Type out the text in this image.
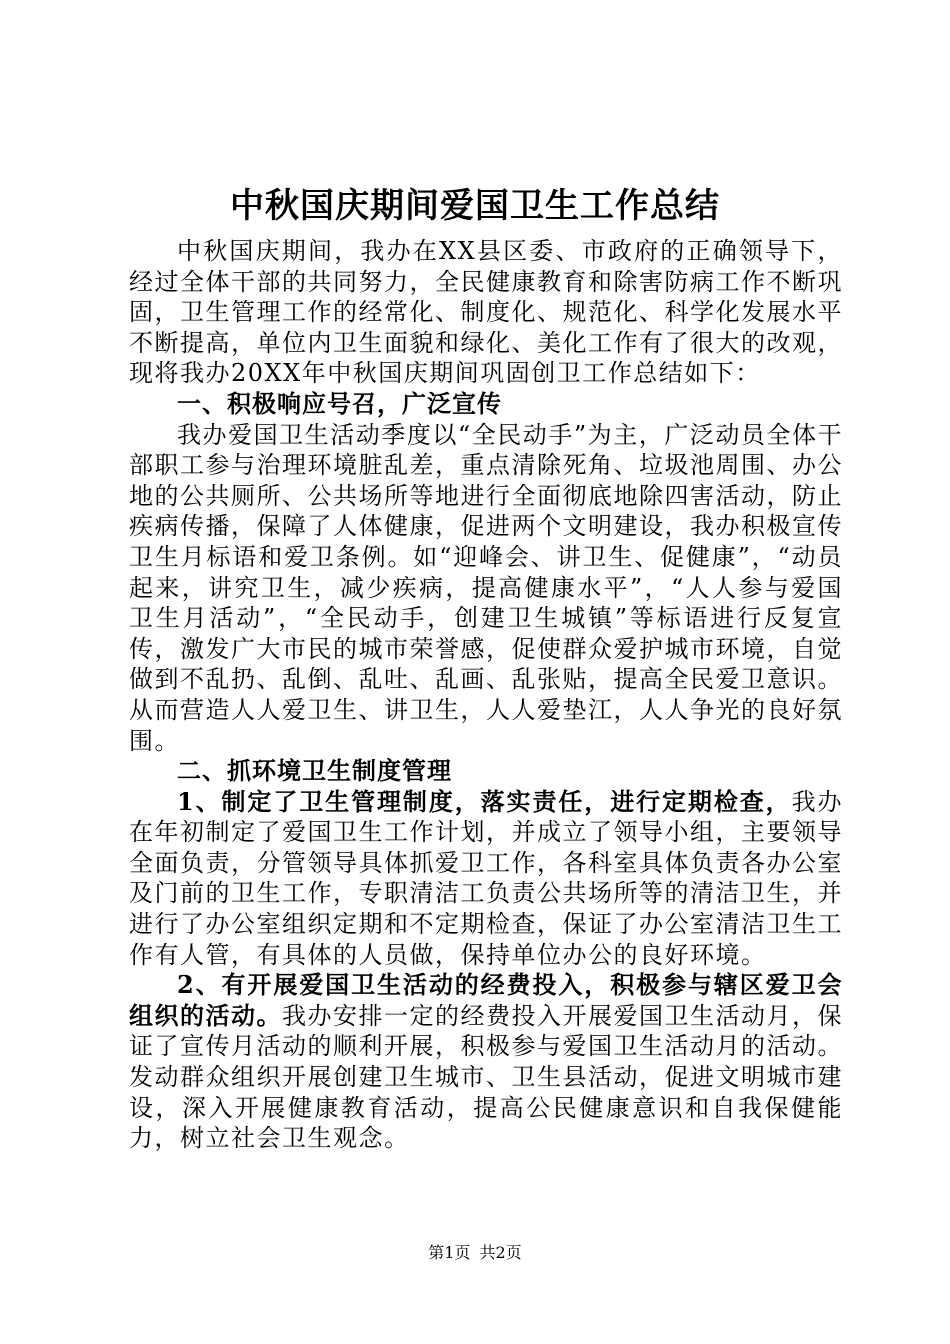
中秋国庆期间爱国卫生工作总结

中秋国庆期间，我办在XX县区委、市政府的正确领导下，经过全体干部的共同努力，全民健康教育和除害防病工作不断巩固，卫生管理工作的经常化、制度化、规范化、科学化发展水平不断提高，单位内卫生面貌和绿化、美化工作有了很大的改观，现将我办20XX年中秋国庆期间巩固创卫工作总结如下：

一、积极响应号召，广泛宣传

我办爱国卫生活动季度以“全民动手”为主，广泛动员全体干部职工参与治理环境脏乱差，重点清除死角、垃圾池周围、办公地的公共厕所、公共场所等地进行全面彻底地除四害活动，防止疾病传播，保障了人体健康，促进两个文明建设，我办积极宣传卫生月标语和爱卫条例。如“迎峰会、讲卫生、促健康”，“动员起来，讲究卫生，减少疾病，提高健康水平”，“人人参与爱国卫生月活动”，“全民动手，创建卫生城镇”等标语进行反复宣传，激发广大市民的城市荣誉感，促使群众爱护城市环境，自觉做到不乱扔、乱倒、乱吐、乱画、乱张贴，提高全民爱卫意识。从而营造人人爱卫生、讲卫生，人人爱垫江，人人争光的良好氛围。

二、抓环境卫生制度管理

1、制定了卫生管理制度，落实责任，进行定期检查，我办在年初制定了爱国卫生工作计划，并成立了领导小组，主要领导全面负责，分管领导具体抓爱卫工作，各科室具体负责各办公室及门前的卫生工作，专职清洁工负责公共场所等的清洁卫生，并进行了办公室组织定期和不定期检查，保证了办公室清洁卫生工作有人管，有具体的人员做，保持单位办公的良好环境。

2、有开展爱国卫生活动的经费投入，积极参与辖区爱卫会组织的活动。我办安排一定的经费投入开展爱国卫生活动月，保证了宣传月活动的顺利开展，积极参与爱国卫生活动月的活动。发动群众组织开展创建卫生城市、卫生县活动，促进文明城市建设，深入开展健康教育活动，提高公民健康意识和自我保健能力，树立社会卫生观念。

第1页 共2页
